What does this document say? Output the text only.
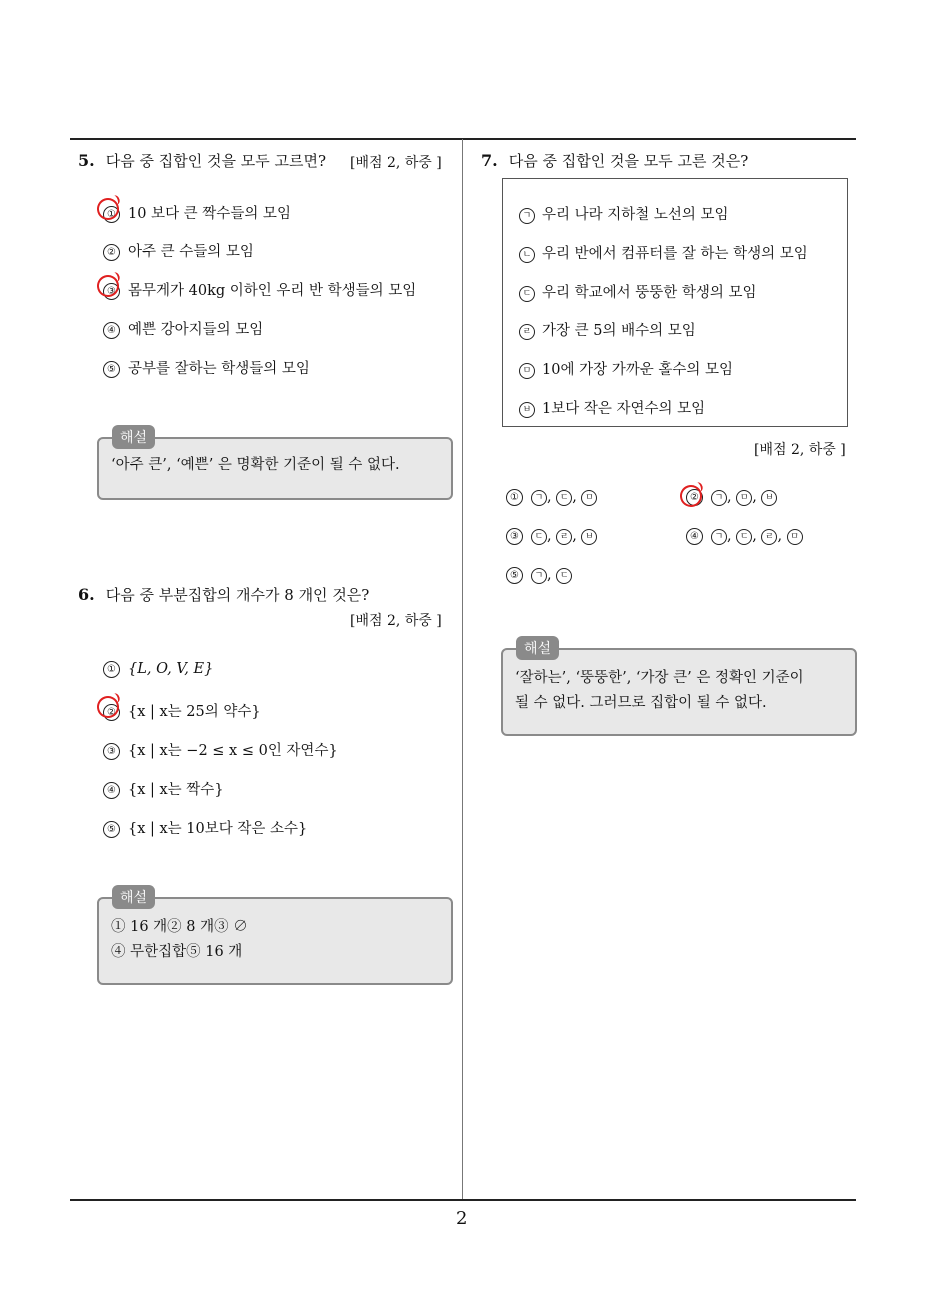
5. 다음 중 집합인 것을 모두 고르면? [배점 2, 하중 ]
① 10 보다 큰 짝수들의 모임
② 아주 큰 수들의 모임
③ 몸무게가 40kg 이하인 우리 반 학생들의 모임
④ 예쁜 강아지들의 모임
⑤ 공부를 잘하는 학생들의 모임
‘아주 큰’, ‘예쁜’ 은 명확한 기준이 될 수 없다.
해설
6. 다음 중 부분집합의 개수가 8 개인 것은?
[배점 2, 하중 ]
① {L, O, V, E}
② {x | x는 25의 약수}
③ {x | x는 −2 ≤ x ≤ 0인 자연수}
④ {x | x는 짝수}
⑤ {x | x는 10보다 작은 소수}
① 16 개② 8 개③ ∅
④ 무한집합⑤ 16 개
해설
7. 다음 중 집합인 것을 모두 고른 것은?
ㄱ 우리 나라 지하철 노선의 모임
ㄴ 우리 반에서 컴퓨터를 잘 하는 학생의 모임
ㄷ 우리 학교에서 뚱뚱한 학생의 모임
ㄹ 가장 큰 5의 배수의 모임
ㅁ 10에 가장 가까운 홀수의 모임
ㅂ 1보다 작은 자연수의 모임
[배점 2, 하중 ]
① ㄱ , ㄷ , ㅁ	② ㄱ , ㅁ , ㅂ
③ ㄷ , ㄹ , ㅂ	④ ㄱ , ㄷ , ㄹ , ㅁ
⑤ ㄱ , ㄷ
‘잘하는’, ‘뚱뚱한’, ‘가장 큰’ 은 정확인 기준이
될 수 없다. 그러므로 집합이 될 수 없다.
해설
2
